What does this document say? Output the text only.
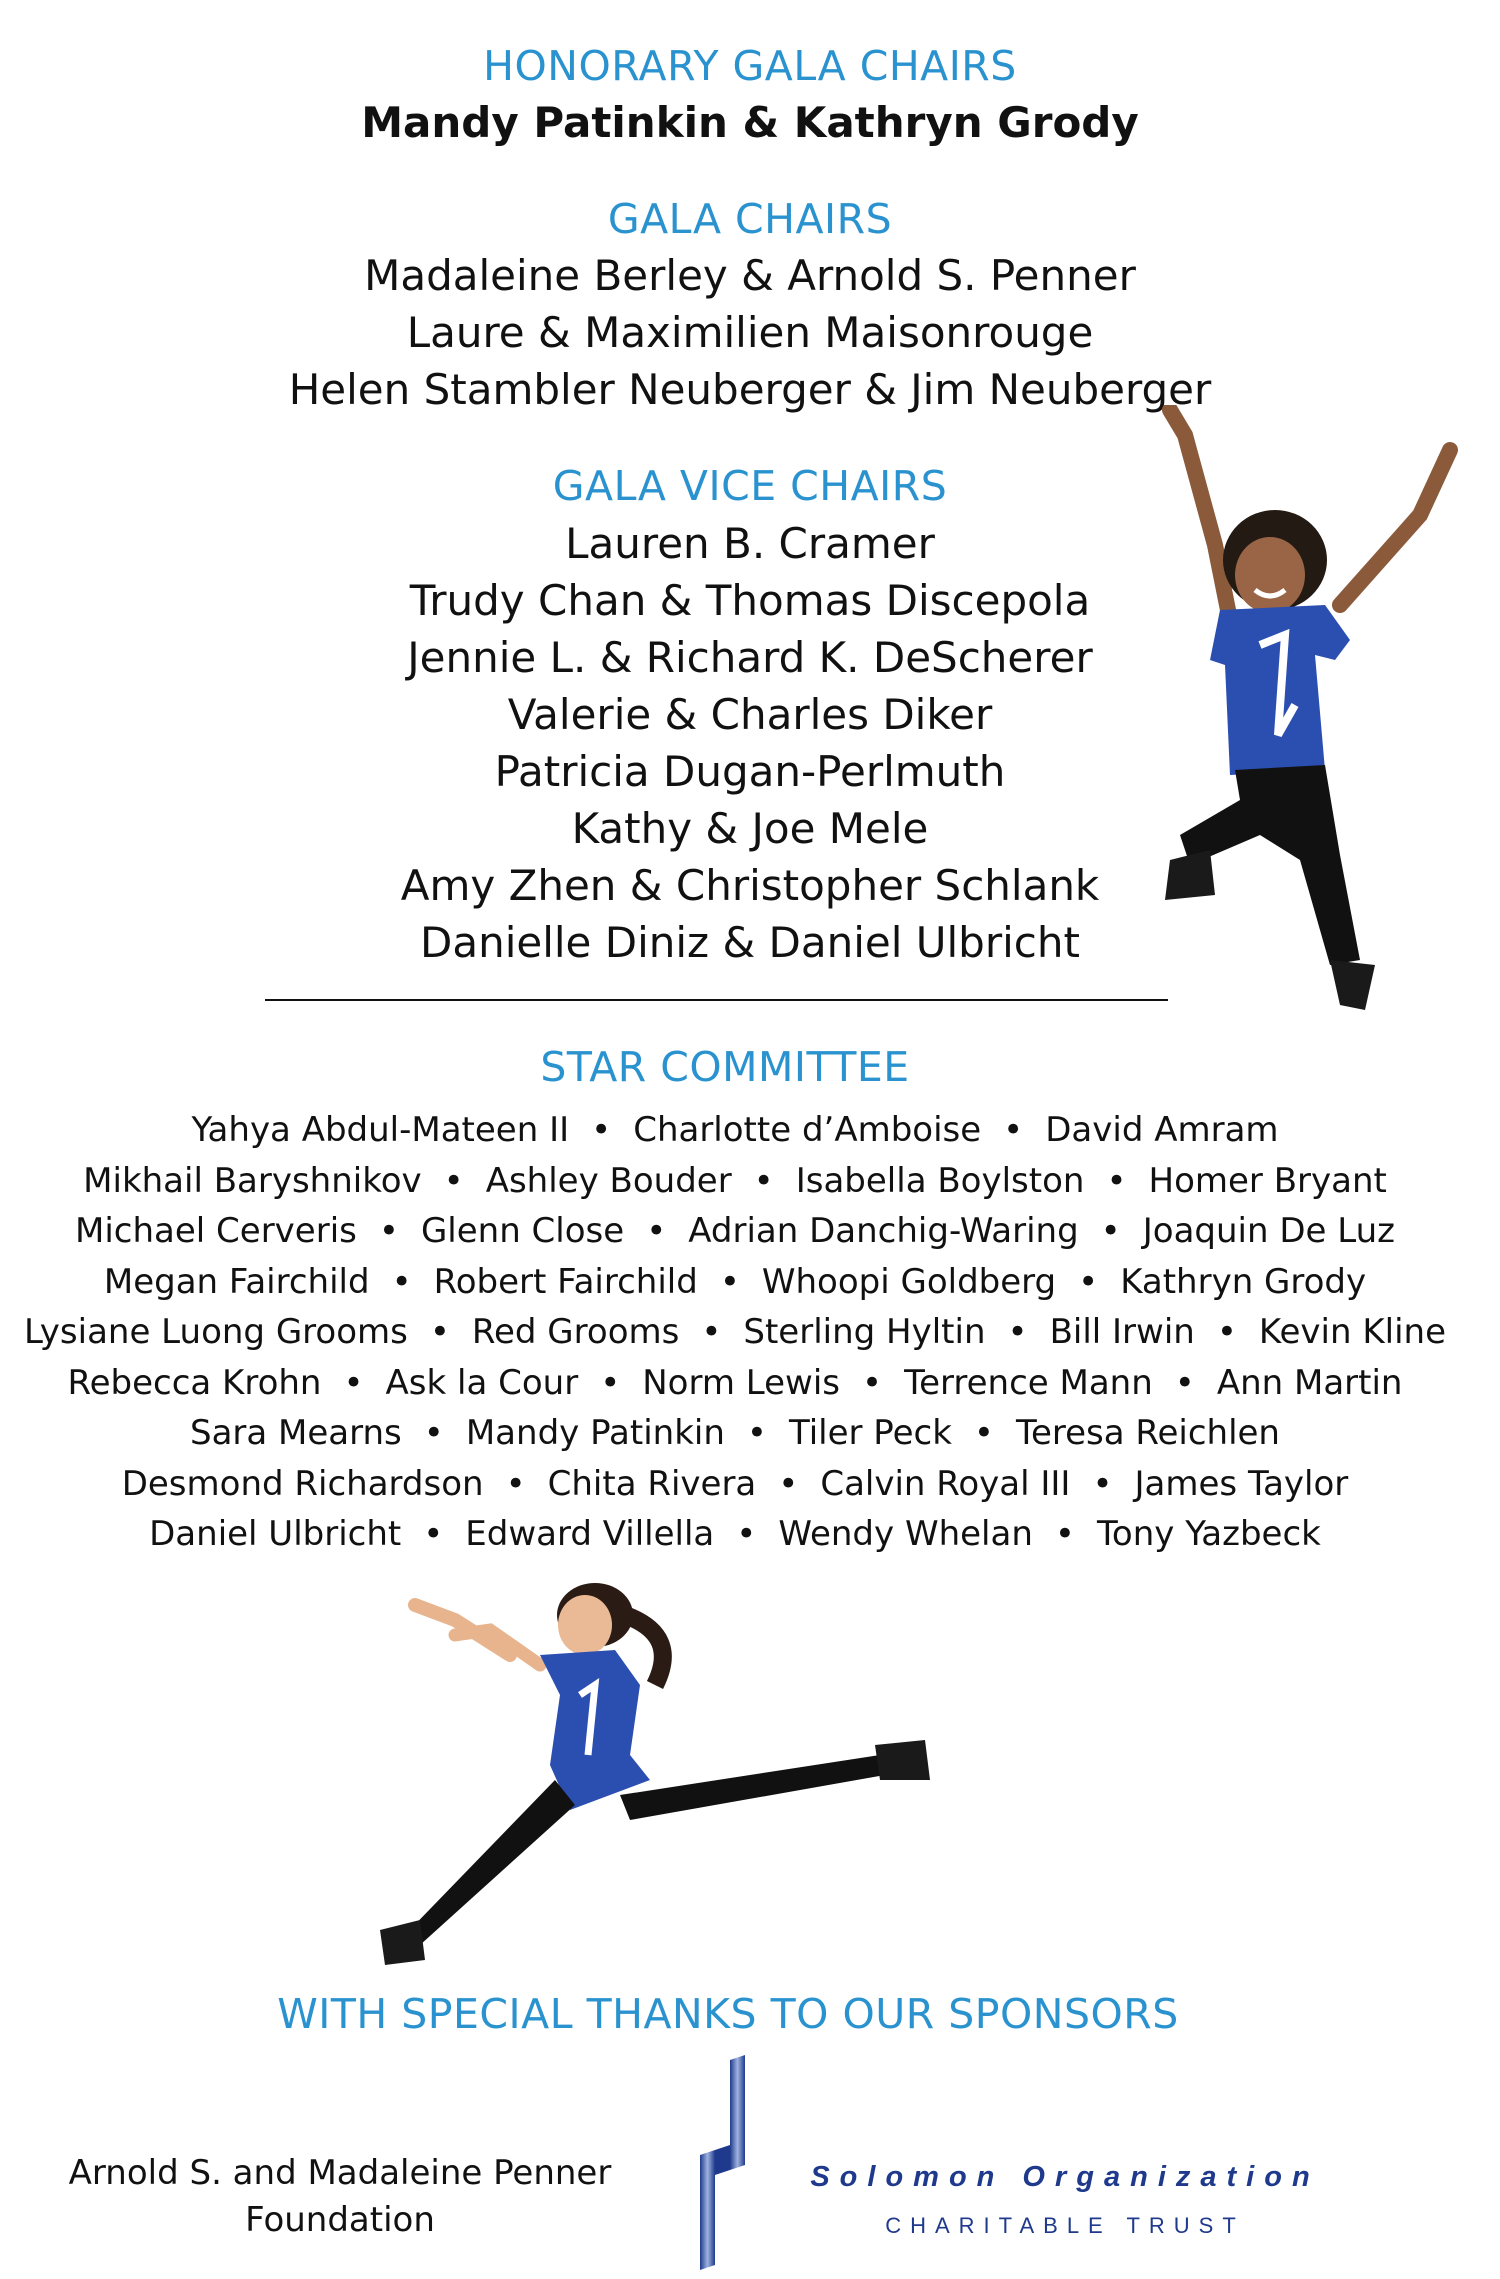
HONORARY GALA CHAIRS
Mandy Patinkin & Kathryn Grody
GALA CHAIRS
Madaleine Berley & Arnold S. Penner
Laure & Maximilien Maisonrouge
Helen Stambler Neuberger & Jim Neuberger
GALA VICE CHAIRS
Lauren B. Cramer
Trudy Chan & Thomas Discepola
Jennie L. & Richard K. DeScherer
Valerie & Charles Diker
Patricia Dugan-Perlmuth
Kathy & Joe Mele
Amy Zhen & Christopher Schlank
Danielle Diniz & Daniel Ulbricht
STAR COMMITTEE
Yahya Abdul-Mateen II • Charlotte d’Amboise • David Amram
Mikhail Baryshnikov • Ashley Bouder • Isabella Boylston • Homer Bryant
Michael Cerveris • Glenn Close • Adrian Danchig-Waring • Joaquin De Luz
Megan Fairchild • Robert Fairchild • Whoopi Goldberg • Kathryn Grody
Lysiane Luong Grooms • Red Grooms • Sterling Hyltin • Bill Irwin • Kevin Kline
Rebecca Krohn • Ask la Cour • Norm Lewis • Terrence Mann • Ann Martin
Sara Mearns • Mandy Patinkin • Tiler Peck • Teresa Reichlen
Desmond Richardson • Chita Rivera • Calvin Royal III • James Taylor
Daniel Ulbricht • Edward Villella • Wendy Whelan • Tony Yazbeck
WITH SPECIAL THANKS TO OUR SPONSORS
Arnold S. and Madaleine Penner
Foundation
Solomon Organization
CHARITABLE TRUST
